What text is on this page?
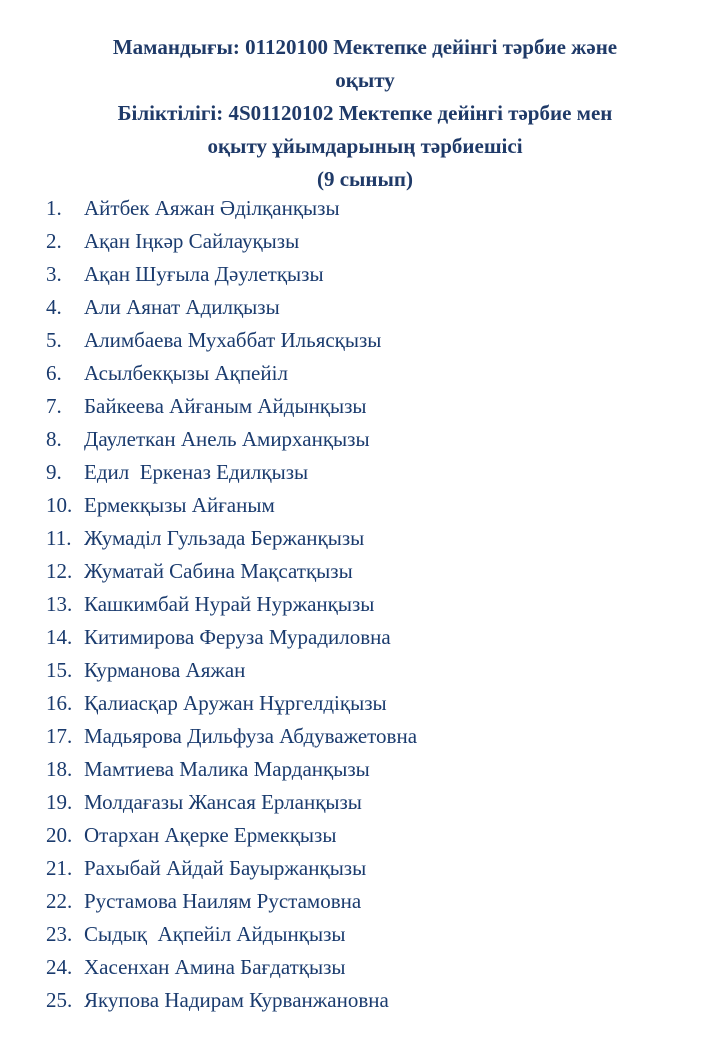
Мамандығы: 01120100 Мектепке дейінгі тәрбие және
оқыту
Біліктілігі: 4S01120102 Мектепке дейінгі тәрбие мен
оқыту ұйымдарының тәрбиешісі
(9 сынып)
1.	Айтбек Аяжан Әділқанқызы
2.	Ақан Іңкәр Сайлауқызы
3.	Ақан Шуғыла Дәулетқызы
4.	Али Аянат Адилқызы
5.	Алимбаева Мухаббат Ильясқызы
6.	Асылбекқызы Ақпейіл
7.	Байкеева Айғаным Айдынқызы
8.	Даулеткан Анель Амирханқызы
9.	Едил  Еркеназ Едилқызы
10. Ермекқызы Айғаным
11. Жумаділ Гульзада Бержанқызы
12. Жуматай Сабина Мақсатқызы
13. Кашкимбай Нурай Нуржанқызы
14. Китимирова Феруза Мурадиловна
15. Курманова Аяжан
16. Қалиасқар Аружан Нұргелдіқызы
17. Мадьярова Дильфуза Абдуважетовна
18. Мамтиева Малика Марданқызы
19. Молдағазы Жансая Ерланқызы
20. Отархан Ақерке Ермекқызы
21. Рахыбай Айдай Бауыржанқызы
22. Рустамова Наилям Рустамовна
23. Сыдық  Ақпейіл Айдынқызы
24. Хасенхан Амина Бағдатқызы
25. Якупова Надирам Курванжановна
